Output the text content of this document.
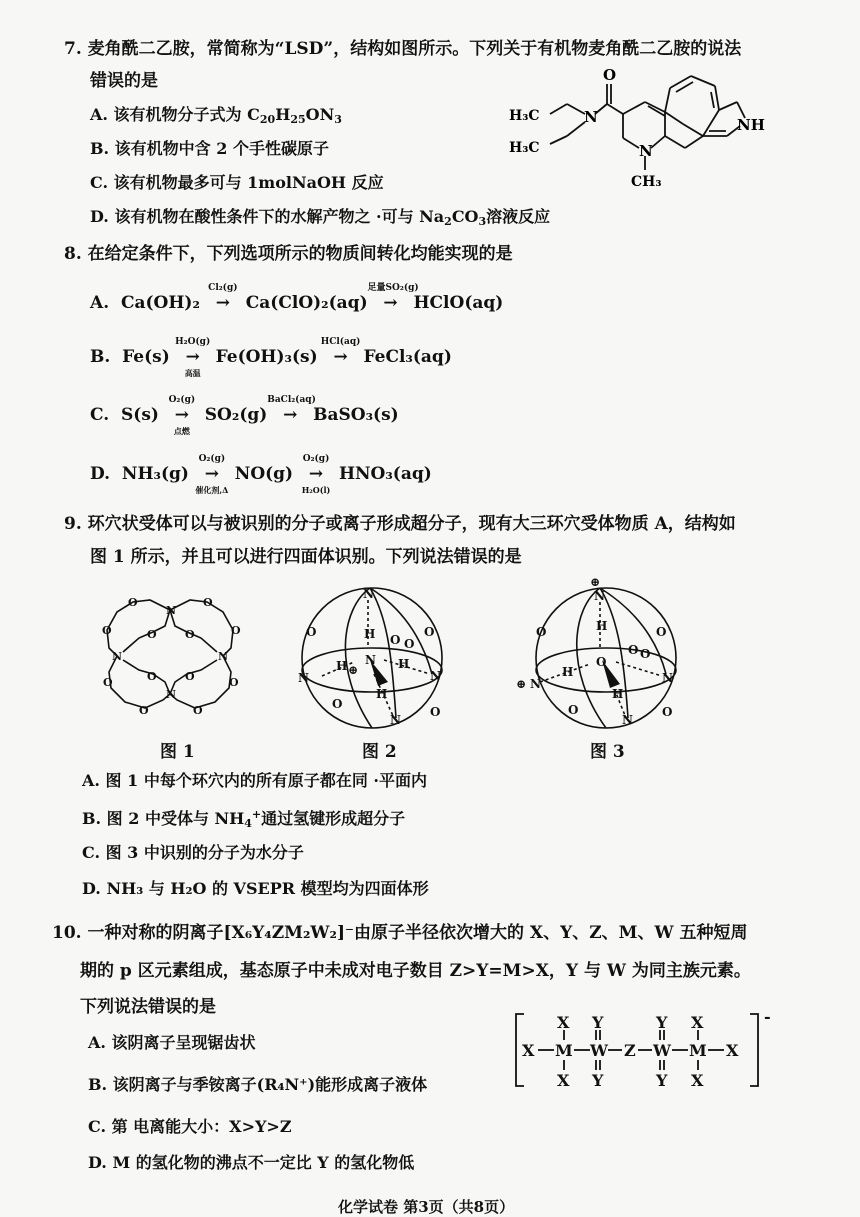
7. 麦角酰二乙胺，常简称为“LSD”，结构如图所示。下列关于有机物麦角酰二乙胺的说法
错误的是
A. 该有机物分子式为 $C_{20}H_{25}ON_3$
B. 该有机物中含 2 个手性碳原子
C. 该有机物最多可与 1molNaOH 反应
D. 该有机物在酸性条件下的水解产物之 ·可与 $Na_2CO_3$溶液反应
O
N
H₃C
H₃C
NH
N
CH₃
8. 在给定条件下，下列选项所示的物质间转化均能实现的是
A. Ca(OH)₂ →
Cl₂(g)
Ca(ClO)₂(aq) →
足量SO₂(g)
HClO(aq)
B. Fe(s) →
H₂O(g)
高温
Fe(OH)₃(s) →
HCl(aq)
FeCl₃(aq)
C. S(s) →
O₂(g)
点燃
SO₂(g) →
BaCl₂(aq)
BaSO₃(s)
D. NH₃(g) →
O₂(g)
催化剂,Δ
NO(g) →
O₂(g)
H₂O(l)
HNO₃(aq)
9. 环穴状受体可以与被识别的分子或离子形成超分子，现有大三环穴受体物质 A，结构如
图 1 所示，并且可以进行四面体识别。下列说法错误的是
N
N	N
N
O	O
O	O
O	O
O	O
O	O
O	O
N
H
N
⊕
H	H
H
N	N
N
O	O
O O
O
O
⊕
N
H
O
H
H
⊕ N	N
N
O	O
O O
O	O
图 1	图 2	图 3
A. 图 1 中每个环穴内的所有原子都在同 ·平面内
B. 图 2 中受体与 $NH_4^+$通过氢键形成超分子
C. 图 3 中识别的分子为水分子
D. NH₃ 与 H₂O 的 VSEPR 模型均为四面体形
10. 一种对称的阴离子[X₆Y₄ZM₂W₂]⁻由原子半径依次增大的 X、Y、Z、M、W 五种短周
期的 p 区元素组成，基态原子中未成对电子数目 Z>Y=M>X，Y 与 W 为同主族元素。
下列说法错误的是
A. 该阴离子呈现锯齿状
B. 该阴离子与季铵离子(R₄N⁺)能形成离子液体
C. 第 电离能大小：X>Y>Z
D. M 的氢化物的沸点不一定比 Y 的氢化物低
X
X
M
X
Y
W
Y
Z
Y
W
Y
X
M
X
X
-
化学试卷 第3页（共8页）
